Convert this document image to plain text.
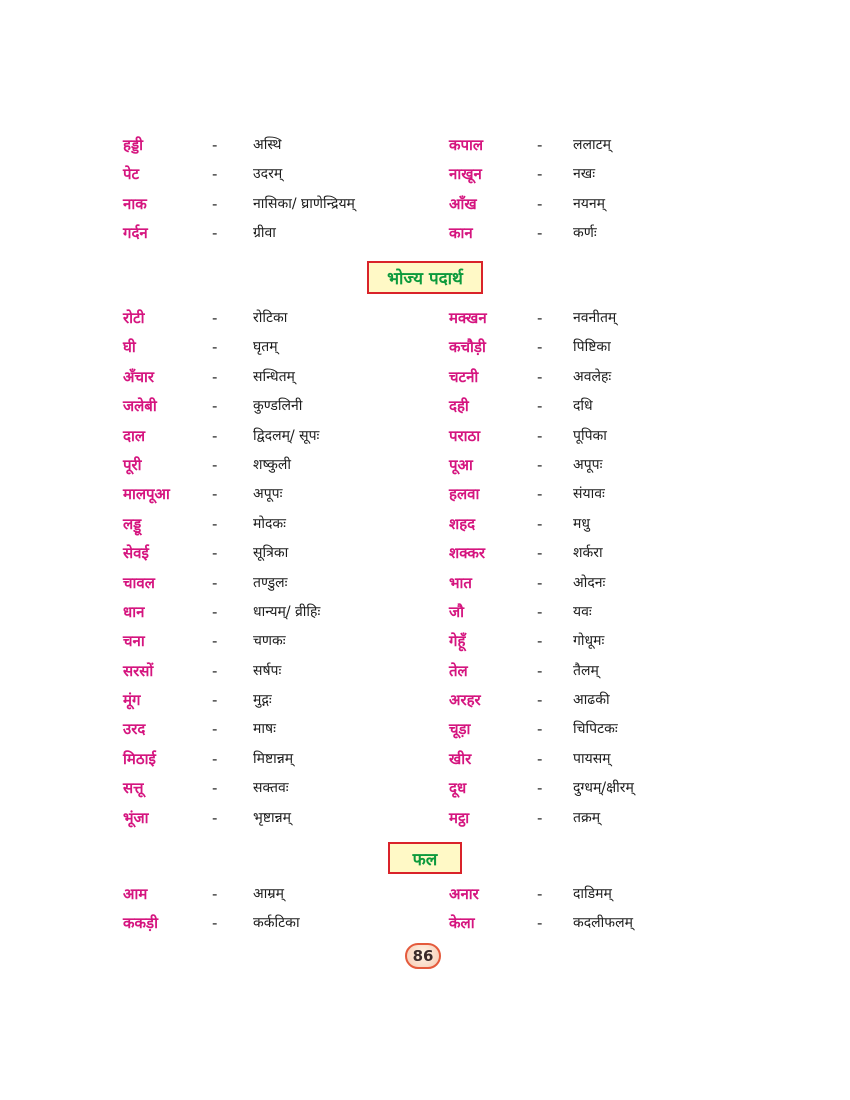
हड्डी	-	अस्थि	कपाल	- ललाटम्
पेट	-	उदरम्	नाखून	- नखः
नाक	-	नासिका/ घ्राणेन्द्रियम्	आँख	- नयनम्
गर्दन	-	ग्रीवा	कान	- कर्णः
भोज्य पदार्थ
रोटी	-	रोटिका	मक्खन	- नवनीतम्
घी	-	घृतम्	कचौड़ी	- पिष्टिका
अँचार	-	सन्धितम्	चटनी	- अवलेहः
जलेबी	-	कुण्डलिनी	दही	- दधि
दाल	-	द्विदलम्/ सूपः	पराठा	- पूपिका
पूरी	-	शष्कुली	पूआ	- अपूपः
मालपूआ	-	अपूपः	हलवा	- संयावः
लड्डू	-	मोदकः	शहद	- मधु
सेवई	-	सूत्रिका	शक्कर	- शर्करा
चावल	-	तण्डुलः	भात	- ओदनः
धान	-	धान्यम्/ व्रीहिः	जौ	- यवः
चना	-	चणकः	गेहूँ	- गोधूमः
सरसों	-	सर्षपः	तेल	- तैलम्
मूंग	-	मुद्गः	अरहर	- आढकी
उरद	-	माषः	चूड़ा	- चिपिटकः
मिठाई	-	मिष्टान्नम्	खीर	- पायसम्
सत्तू	-	सक्तवः	दूध	- दुग्धम्/क्षीरम्
भूंजा	-	भृष्टान्नम्	मट्ठा	- तक्रम्
फल
आम	-	आम्रम्	अनार	- दाडिमम्
ककड़ी	-	कर्कटिका	केला	- कदलीफलम्
86
